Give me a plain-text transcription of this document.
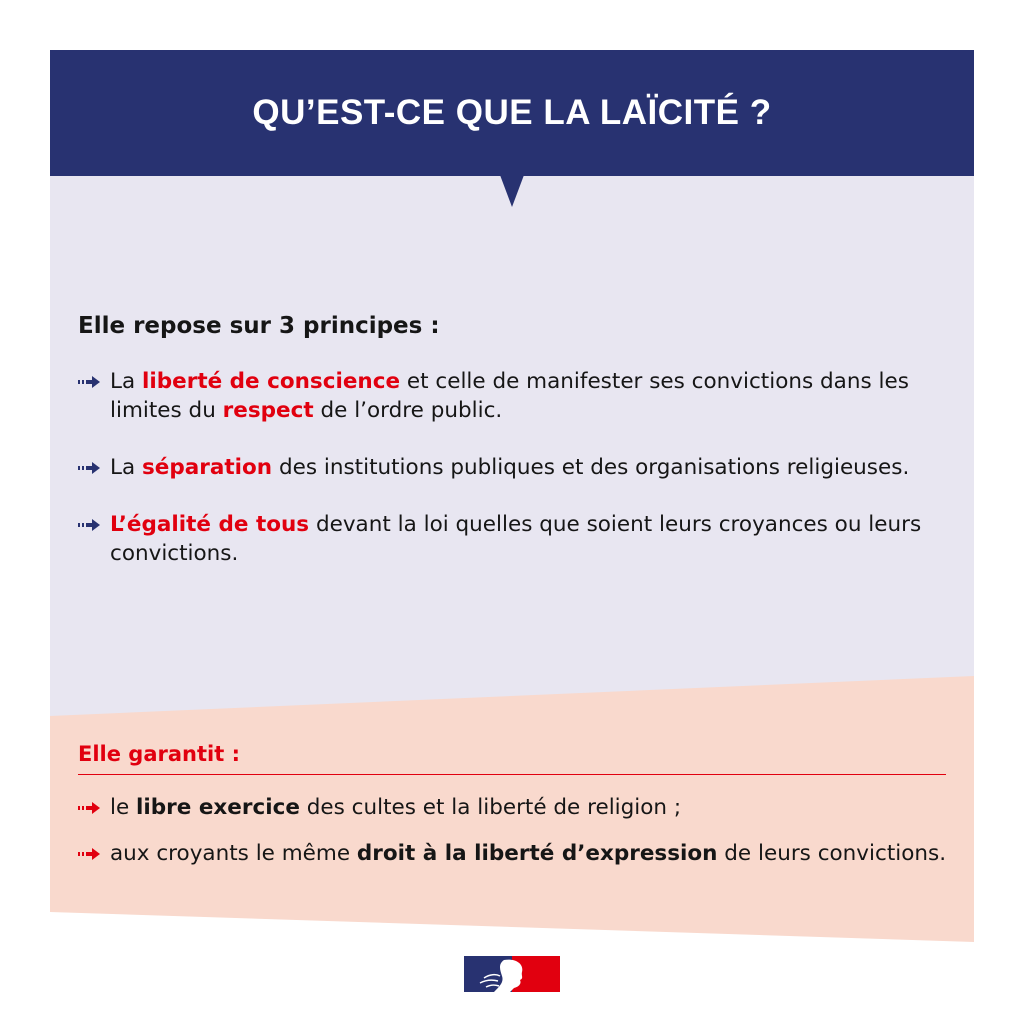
QU’EST-CE QUE LA LAÏCITÉ ?

Elle repose sur 3 principes :

La liberté de conscience et celle de manifester ses convictions dans les limites du respect de l’ordre public.
La séparation des institutions publiques et des organisations religieuses.
L’égalité de tous devant la loi quelles que soient leurs croyances ou leurs convictions.

Elle garantit :

le libre exercice des cultes et la liberté de religion ;
aux croyants le même droit à la liberté d’expression de leurs convictions.
